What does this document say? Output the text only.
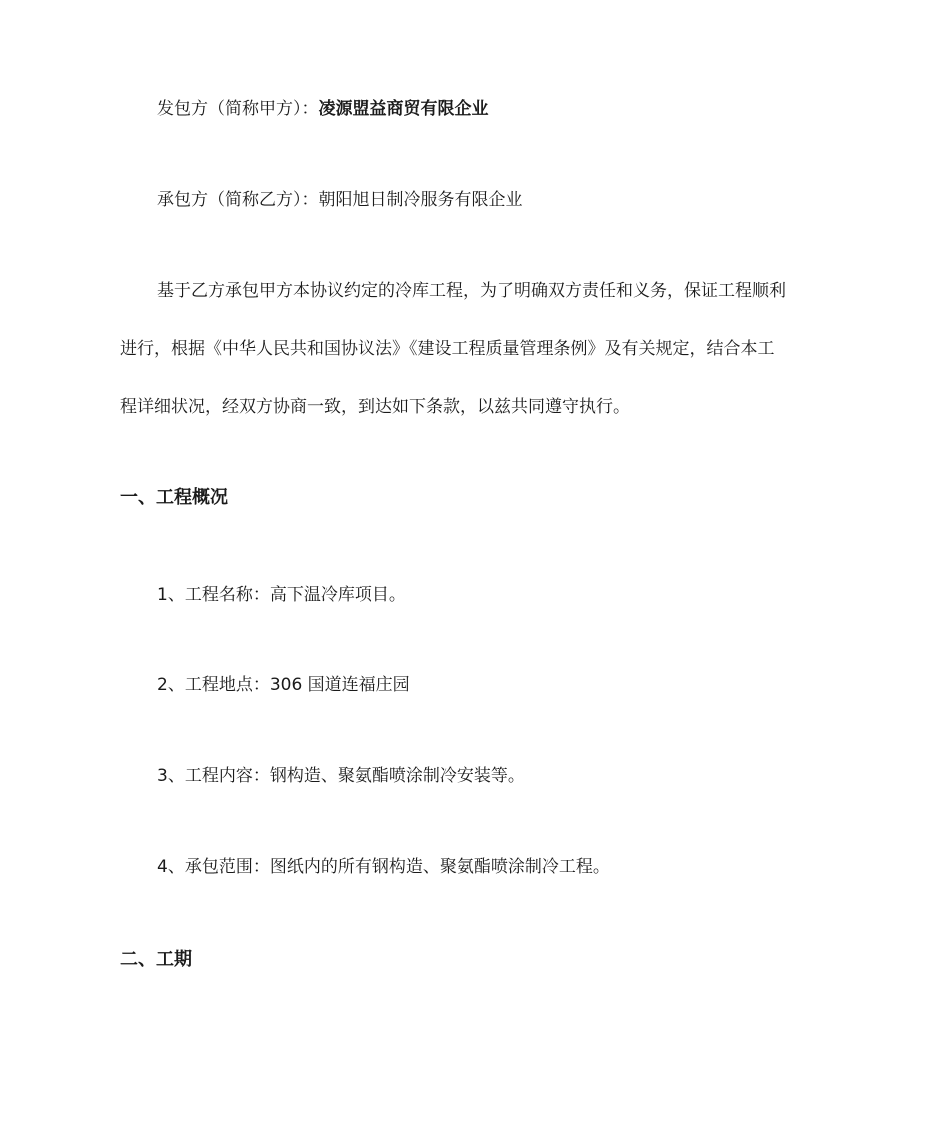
发包方（简称甲方）：凌源盟益商贸有限企业
承包方（简称乙方）：朝阳旭日制冷服务有限企业
基于乙方承包甲方本协议约定的冷库工程，为了明确双方责任和义务，保证工程顺利
进行，根据《中华人民共和国协议法》《建设工程质量管理条例》及有关规定，结合本工
程详细状况，经双方协商一致，到达如下条款，以兹共同遵守执行。
一、工程概况
1、工程名称：高下温冷库项目。
2、工程地点：306 国道连福庄园
3、工程内容：钢构造、聚氨酯喷涂制冷安装等。
4、承包范围：图纸内的所有钢构造、聚氨酯喷涂制冷工程。
二、工期
